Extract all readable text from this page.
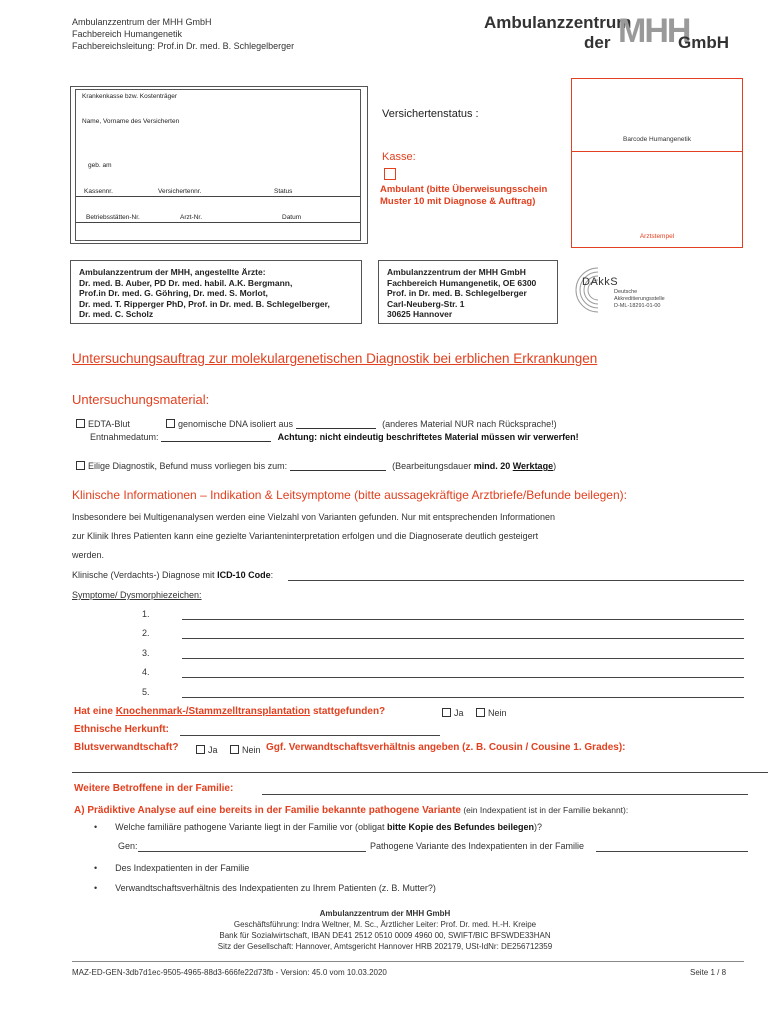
Ambulanzzentrum der MHH GmbH
Fachbereich Humangenetik
Fachbereichsleitung: Prof.in Dr. med. B. Schlegelberger
Ambulanzzentrum
der MHH
GmbH
Krankenkasse bzw. Kostenträger
Name, Vorname des Versicherten
geb. am
Kassennr.	Versichertennr.	Status
Betriebsstätten-Nr.	Arzt-Nr.	Datum
Versichertenstatus :
Kasse:
Ambulant (bitte Überweisungsschein Muster 10 mit Diagnose & Auftrag)
Barcode Humangenetik
Arztstempel
Ambulanzzentrum der MHH, angestellte Ärzte:
Dr. med. B. Auber, PD Dr. med. habil. A.K. Bergmann,
Prof.in Dr. med. G. Göhring, Dr. med. S. Morlot,
Dr. med. T. Ripperger PhD, Prof. in Dr. med. B. Schlegelberger,
Dr. med. C. Scholz
Ambulanzzentrum der MHH GmbH
Fachbereich Humangenetik, OE 6300
Prof. in Dr. med. B. Schlegelberger
Carl-Neuberg-Str. 1
30625 Hannover
DAkkS
Deutsche
Akkreditierungsstelle
D-ML-18291-01-00
Untersuchungsauftrag zur molekulargenetischen Diagnostik bei erblichen Erkrankungen
Untersuchungsmaterial:
EDTA-Blut	genomische DNA isoliert aus	(anderes Material NUR nach Rücksprache!)
Entnahmedatum:	Achtung: nicht eindeutig beschriftetes Material müssen wir verwerfen!
Eilige Diagnostik, Befund muss vorliegen bis zum:	(Bearbeitungsdauer mind. 20 Werktage)
Klinische Informationen – Indikation & Leitsymptome (bitte aussagekräftige Arztbriefe/Befunde beilegen):
Insbesondere bei Multigenanalysen werden eine Vielzahl von Varianten gefunden. Nur mit entsprechenden Informationen
zur Klinik Ihres Patienten kann eine gezielte Varianteninterpretation erfolgen und die Diagnoserate deutlich gesteigert
werden.
Klinische (Verdachts-) Diagnose mit ICD-10 Code:
Symptome/ Dysmorphiezeichen:
1.
2.
3.
4.
5.
Hat eine Knochenmark-/Stammzelltransplantation stattgefunden?	Ja	Nein
Ethnische Herkunft:
Blutsverwandtschaft?	Ja	Nein Ggf. Verwandtschaftsverhältnis angeben (z. B. Cousin / Cousine 1. Grades):
Weitere Betroffene in der Familie:
A) Prädiktive Analyse auf eine bereits in der Familie bekannte pathogene Variante (ein Indexpatient ist in der Familie bekannt):
• Welche familiäre pathogene Variante liegt in der Familie vor (obligat bitte Kopie des Befundes beilegen)?
Gen:	Pathogene Variante des Indexpatienten in der Familie
• Des Indexpatienten in der Familie
• Verwandtschaftsverhältnis des Indexpatienten zu Ihrem Patienten (z. B. Mutter?)
Ambulanzzentrum der MHH GmbH
Geschäftsführung: Indra Weltner, M. Sc., Ärztlicher Leiter: Prof. Dr. med. H.-H. Kreipe
Bank für Sozialwirtschaft, IBAN DE41 2512 0510 0009 4960 00, SWIFT/BIC BFSWDE33HAN
Sitz der Gesellschaft: Hannover, Amtsgericht Hannover HRB 202179, USt-IdNr: DE256712359
MAZ-ED-GEN-3db7d1ec-9505-4965-88d3-666fe22d73fb - Version: 45.0 vom 10.03.2020	Seite 1 / 8
